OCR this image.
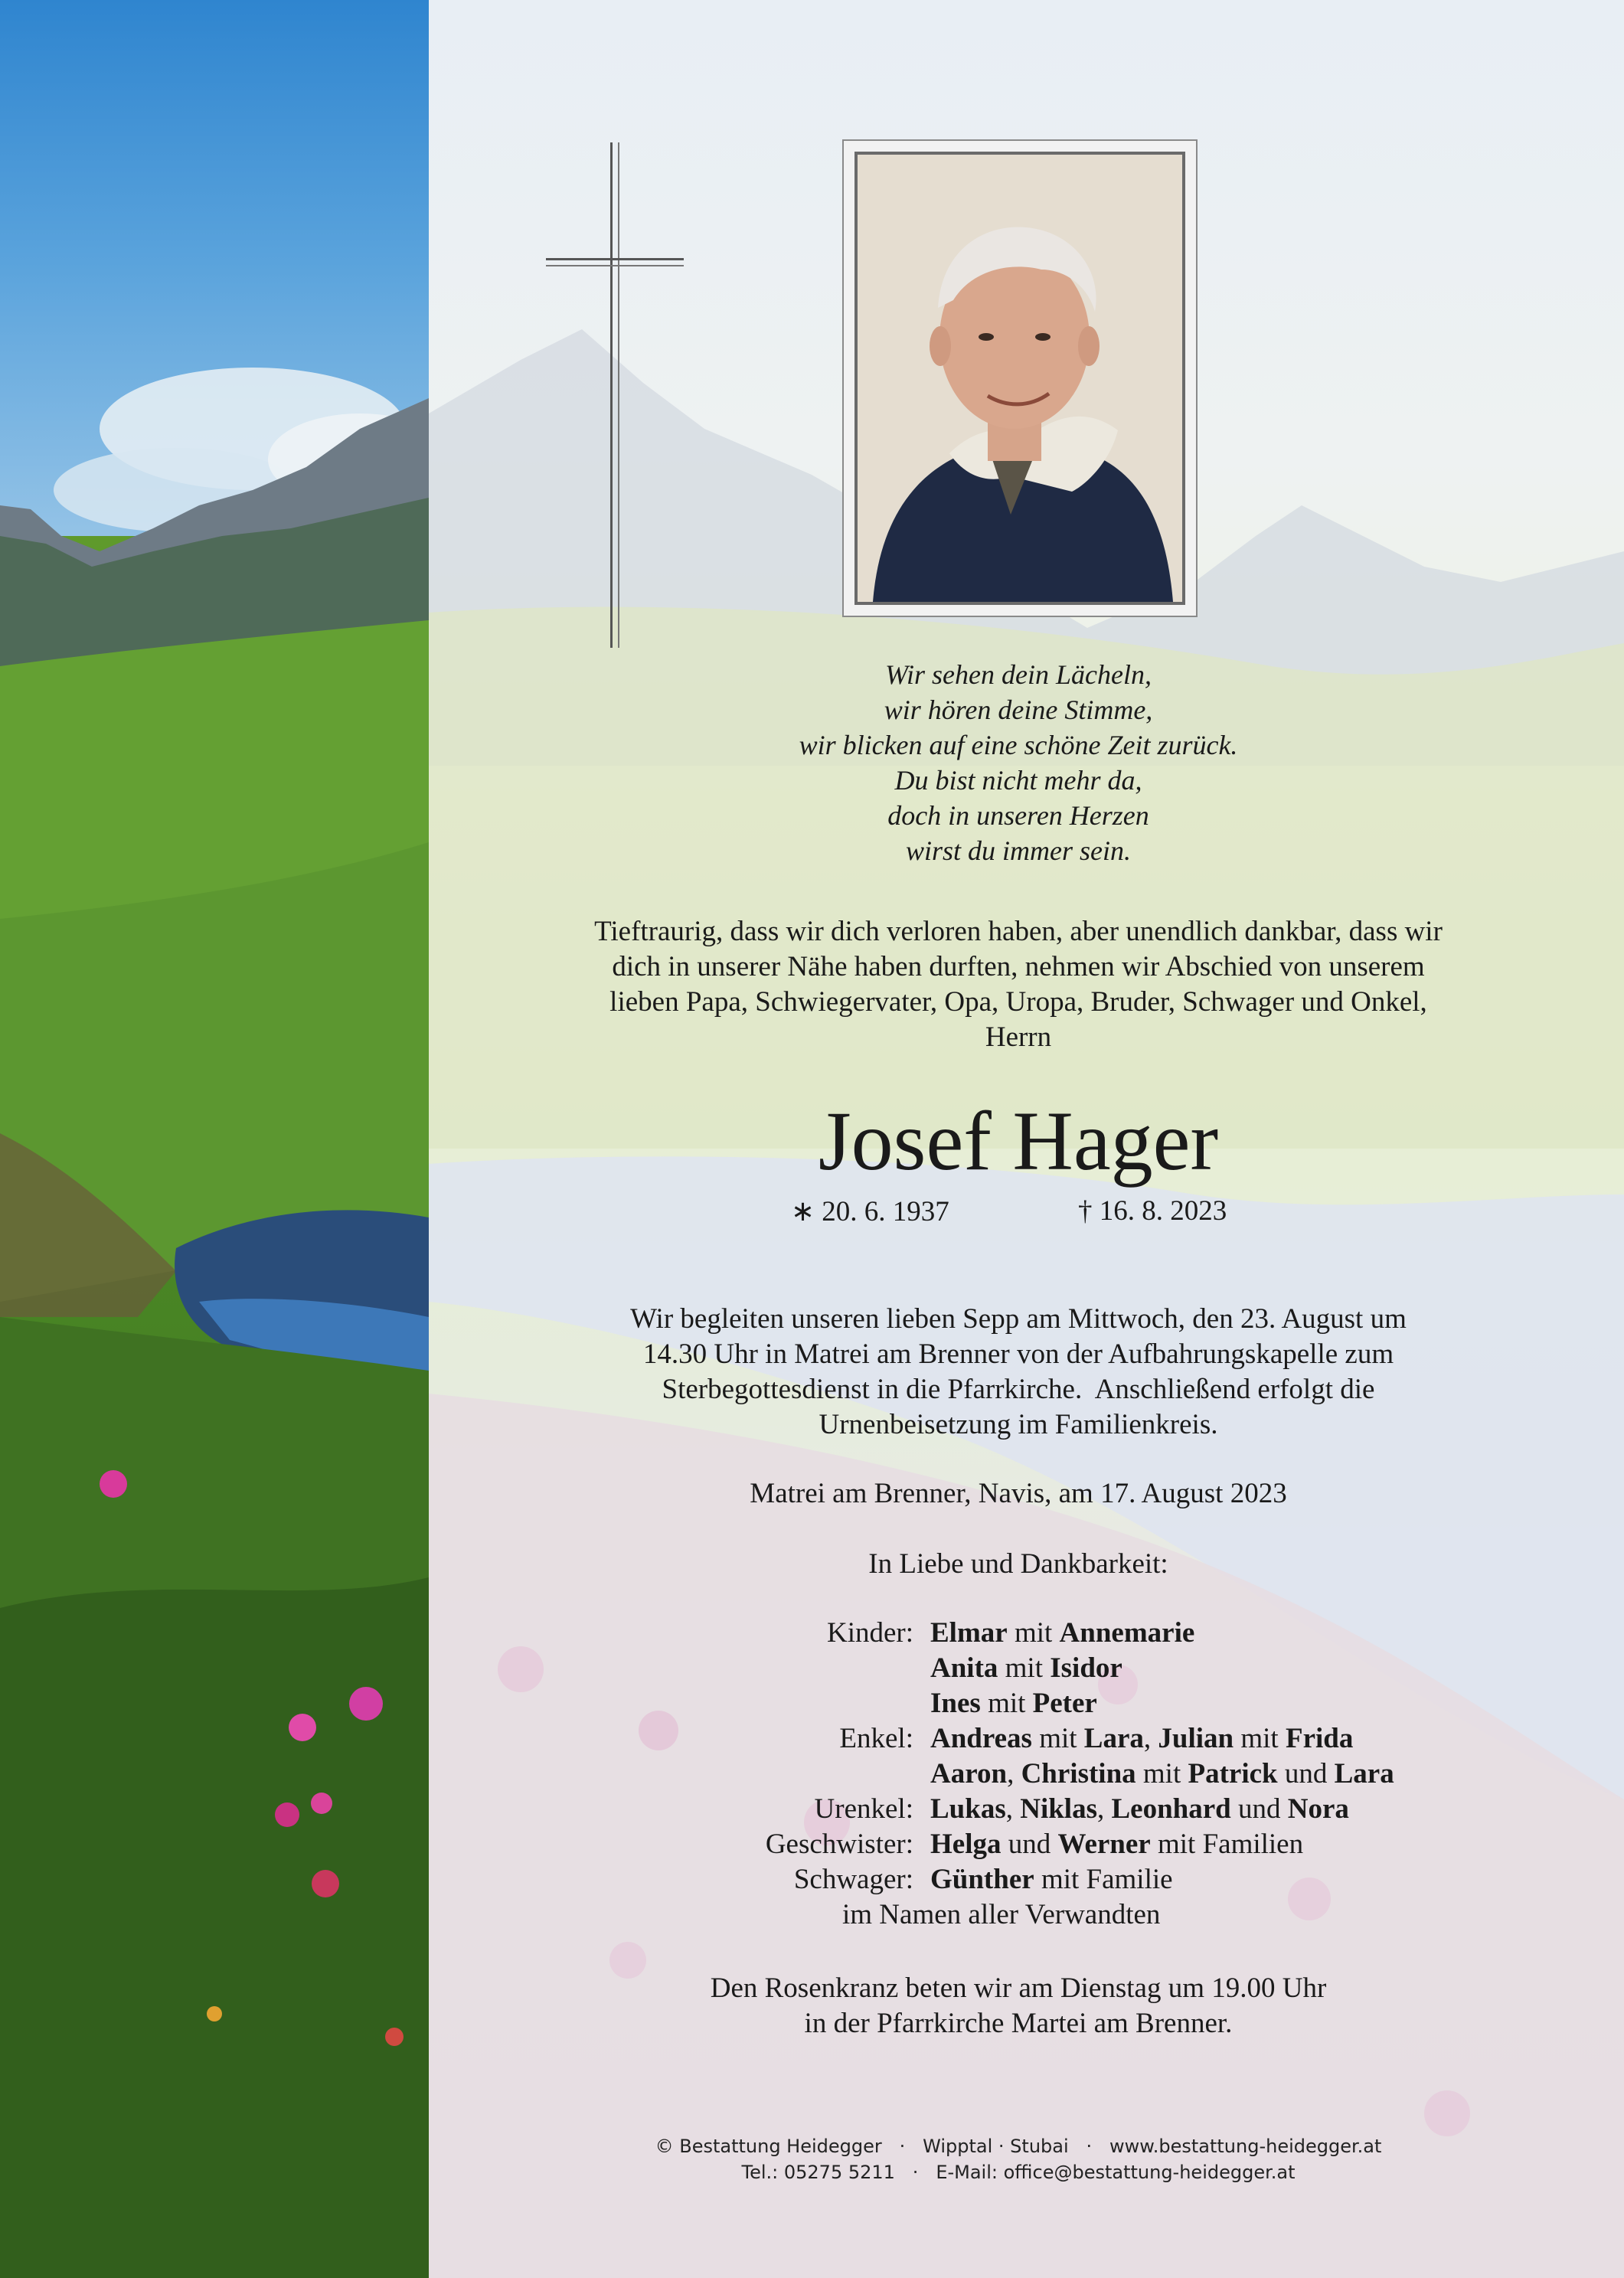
Wir sehen dein Lächeln,
wir hören deine Stimme,
wir blicken auf eine schöne Zeit zurück.
Du bist nicht mehr da,
doch in unseren Herzen
wirst du immer sein.
Tieftraurig, dass wir dich verloren haben, aber unendlich dankbar, dass wir
dich in unserer Nähe haben durften, nehmen wir Abschied von unserem
lieben Papa, Schwiegervater, Opa, Uropa, Bruder, Schwager und Onkel,
Herrn
Josef Hager
∗ 20. 6. 1937	† 16. 8. 2023
Wir begleiten unseren lieben Sepp am Mittwoch, den 23. August um
14.30 Uhr in Matrei am Brenner von der Aufbahrungskapelle zum
Sterbegottesdienst in die Pfarrkirche.  Anschließend erfolgt die
Urnenbeisetzung im Familienkreis.
Matrei am Brenner, Navis, am 17. August 2023
In Liebe und Dankbarkeit:
Kinder: Elmar mit Annemarie
Anita mit Isidor
Ines mit Peter
Enkel: Andreas mit Lara, Julian mit Frida
Aaron, Christina mit Patrick und Lara
Urenkel: Lukas, Niklas, Leonhard und Nora
Geschwister: Helga und Werner mit Familien
Schwager: Günther mit Familie
im Namen aller Verwandten
Den Rosenkranz beten wir am Dienstag um 19.00 Uhr
in der Pfarrkirche Martei am Brenner.
© Bestattung Heidegger   ·   Wipptal · Stubai   ·   www.bestattung-heidegger.at
Tel.: 05275 5211   ·   E-Mail: office@bestattung-heidegger.at
